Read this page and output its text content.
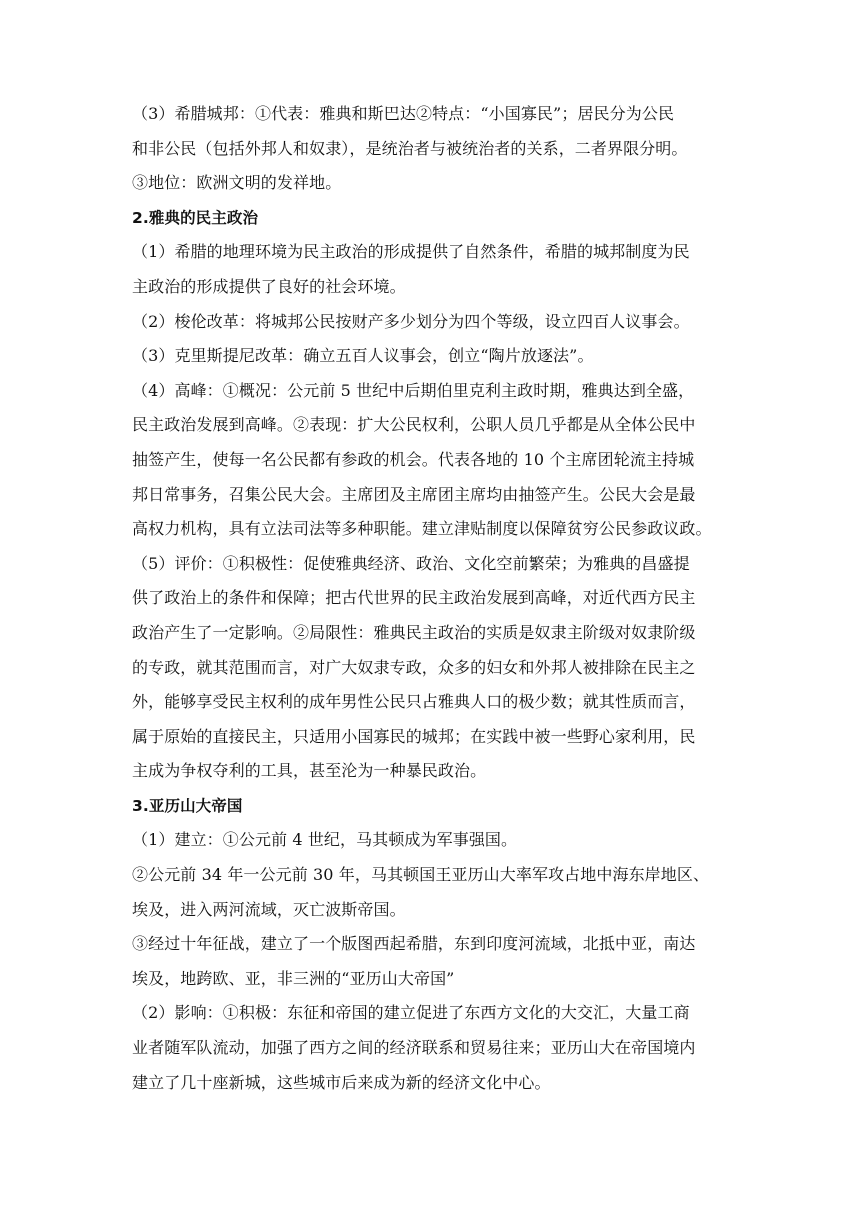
（3）希腊城邦：①代表：雅典和斯巴达②特点：“小国寡民”；居民分为公民
和非公民（包括外邦人和奴隶），是统治者与被统治者的关系，二者界限分明。
③地位：欧洲文明的发祥地。
2.雅典的民主政治
（1）希腊的地理环境为民主政治的形成提供了自然条件，希腊的城邦制度为民
主政治的形成提供了良好的社会环境。
（2）梭伦改革：将城邦公民按财产多少划分为四个等级，设立四百人议事会。
（3）克里斯提尼改革：确立五百人议事会，创立“陶片放逐法”。
（4）高峰：①概况：公元前 5 世纪中后期伯里克利主政时期，雅典达到全盛，
民主政治发展到高峰。②表现：扩大公民权利，公职人员几乎都是从全体公民中
抽签产生，使每一名公民都有参政的机会。代表各地的 10 个主席团轮流主持城
邦日常事务，召集公民大会。主席团及主席团主席均由抽签产生。公民大会是最
高权力机构，具有立法司法等多种职能。建立津贴制度以保障贫穷公民参政议政。
（5）评价：①积极性：促使雅典经济、政治、文化空前繁荣；为雅典的昌盛提
供了政治上的条件和保障；把古代世界的民主政治发展到高峰，对近代西方民主
政治产生了一定影响。②局限性：雅典民主政治的实质是奴隶主阶级对奴隶阶级
的专政，就其范围而言，对广大奴隶专政，众多的妇女和外邦人被排除在民主之
外，能够享受民主权利的成年男性公民只占雅典人口的极少数；就其性质而言，
属于原始的直接民主，只适用小国寡民的城邦；在实践中被一些野心家利用，民
主成为争权夺利的工具，甚至沦为一种暴民政治。
3.亚历山大帝国
（1）建立：①公元前 4 世纪，马其顿成为军事强国。
②公元前 34 年一公元前 30 年，马其顿国王亚历山大率军攻占地中海东岸地区、
埃及，进入两河流域，灭亡波斯帝国。
③经过十年征战，建立了一个版图西起希腊，东到印度河流域，北抵中亚，南达
埃及，地跨欧、亚，非三洲的“亚历山大帝国”
（2）影响：①积极：东征和帝国的建立促进了东西方文化的大交汇，大量工商
业者随军队流动，加强了西方之间的经济联系和贸易往来；亚历山大在帝国境内
建立了几十座新城，这些城市后来成为新的经济文化中心。
